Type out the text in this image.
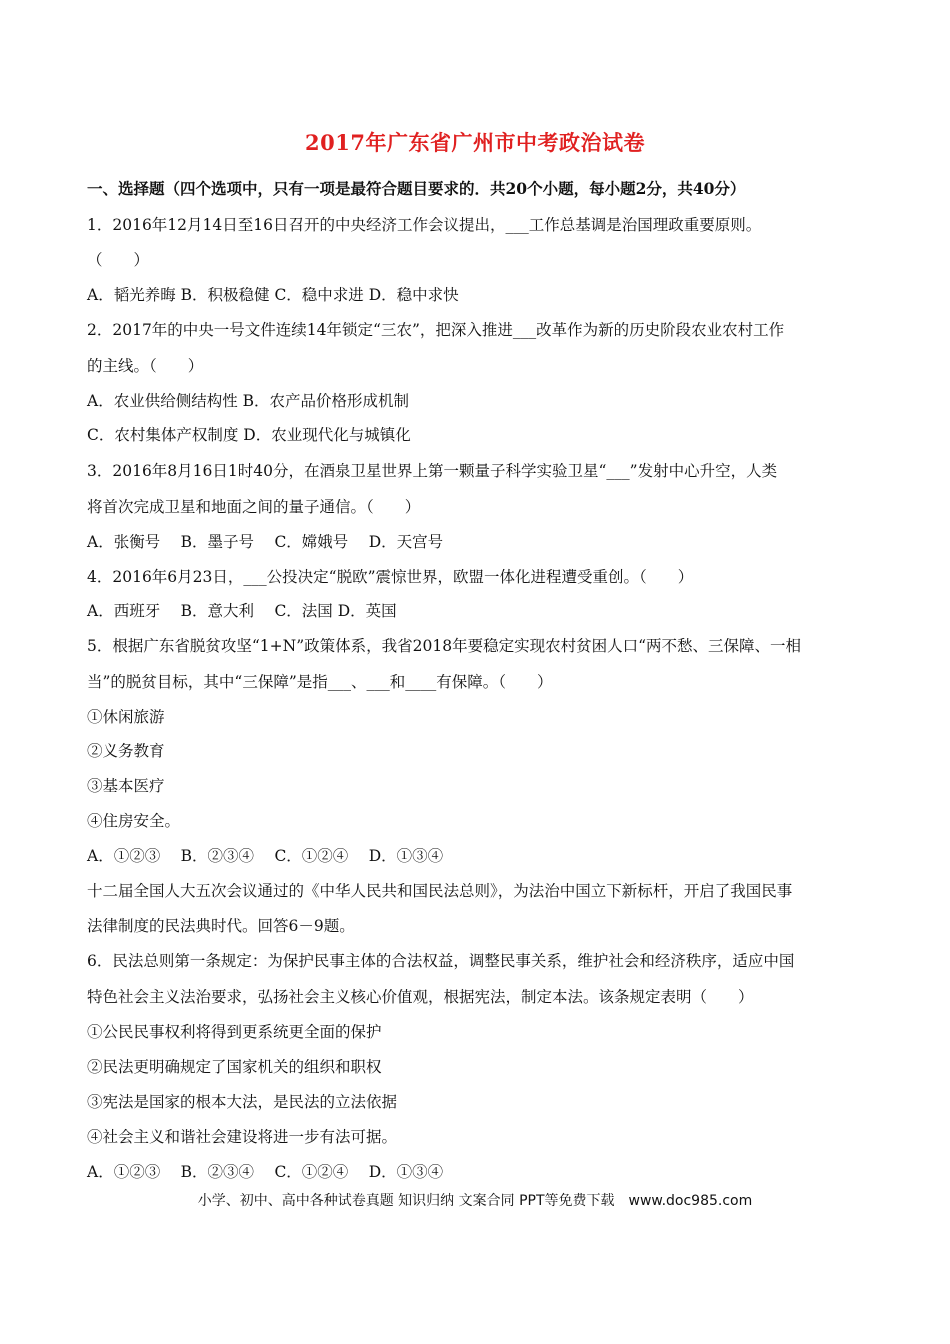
2017年广东省广州市中考政治试卷
一、选择题（四个选项中，只有一项是最符合题目要求的．共20个小题，每小题2分，共40分）
1．2016年12月14日至16日召开的中央经济工作会议提出，___工作总基调是治国理政重要原则。
（　　）
A．韬光养晦 B．积极稳健 C．稳中求进 D．稳中求快
2．2017年的中央一号文件连续14年锁定“三农”，把深入推进___改革作为新的历史阶段农业农村工作
的主线。（　　）
A．农业供给侧结构性 B．农产品价格形成机制
C．农村集体产权制度 D．农业现代化与城镇化
3．2016年8月16日1时40分，在酒泉卫星世界上第一颗量子科学实验卫星“___”发射中心升空，人类
将首次完成卫星和地面之间的量子通信。（　　）
A．张衡号　 B．墨子号　 C．嫦娥号　 D．天宫号
4．2016年6月23日，___公投决定“脱欧”震惊世界，欧盟一体化进程遭受重创。（　　）
A．西班牙　 B．意大利　 C．法国 D．英国
5．根据广东省脱贫攻坚“1+N”政策体系，我省2018年要稳定实现农村贫困人口“两不愁、三保障、一相
当”的脱贫目标，其中“三保障”是指___、___和____有保障。（　　）
①休闲旅游
②义务教育
③基本医疗
④住房安全。
A．①②③　 B．②③④　 C．①②④　 D．①③④
十二届全国人大五次会议通过的《中华人民共和国民法总则》，为法治中国立下新标杆，开启了我国民事
法律制度的民法典时代。回答6－9题。
6．民法总则第一条规定：为保护民事主体的合法权益，调整民事关系，维护社会和经济秩序，适应中国
特色社会主义法治要求，弘扬社会主义核心价值观，根据宪法，制定本法。该条规定表明（　　）
①公民民事权利将得到更系统更全面的保护
②民法更明确规定了国家机关的组织和职权
③宪法是国家的根本大法，是民法的立法依据
④社会主义和谐社会建设将进一步有法可据。
A．①②③　 B．②③④　 C．①②④　 D．①③④
小学、初中、高中各种试卷真题 知识归纳 文案合同 PPT等免费下载　www.doc985.com
